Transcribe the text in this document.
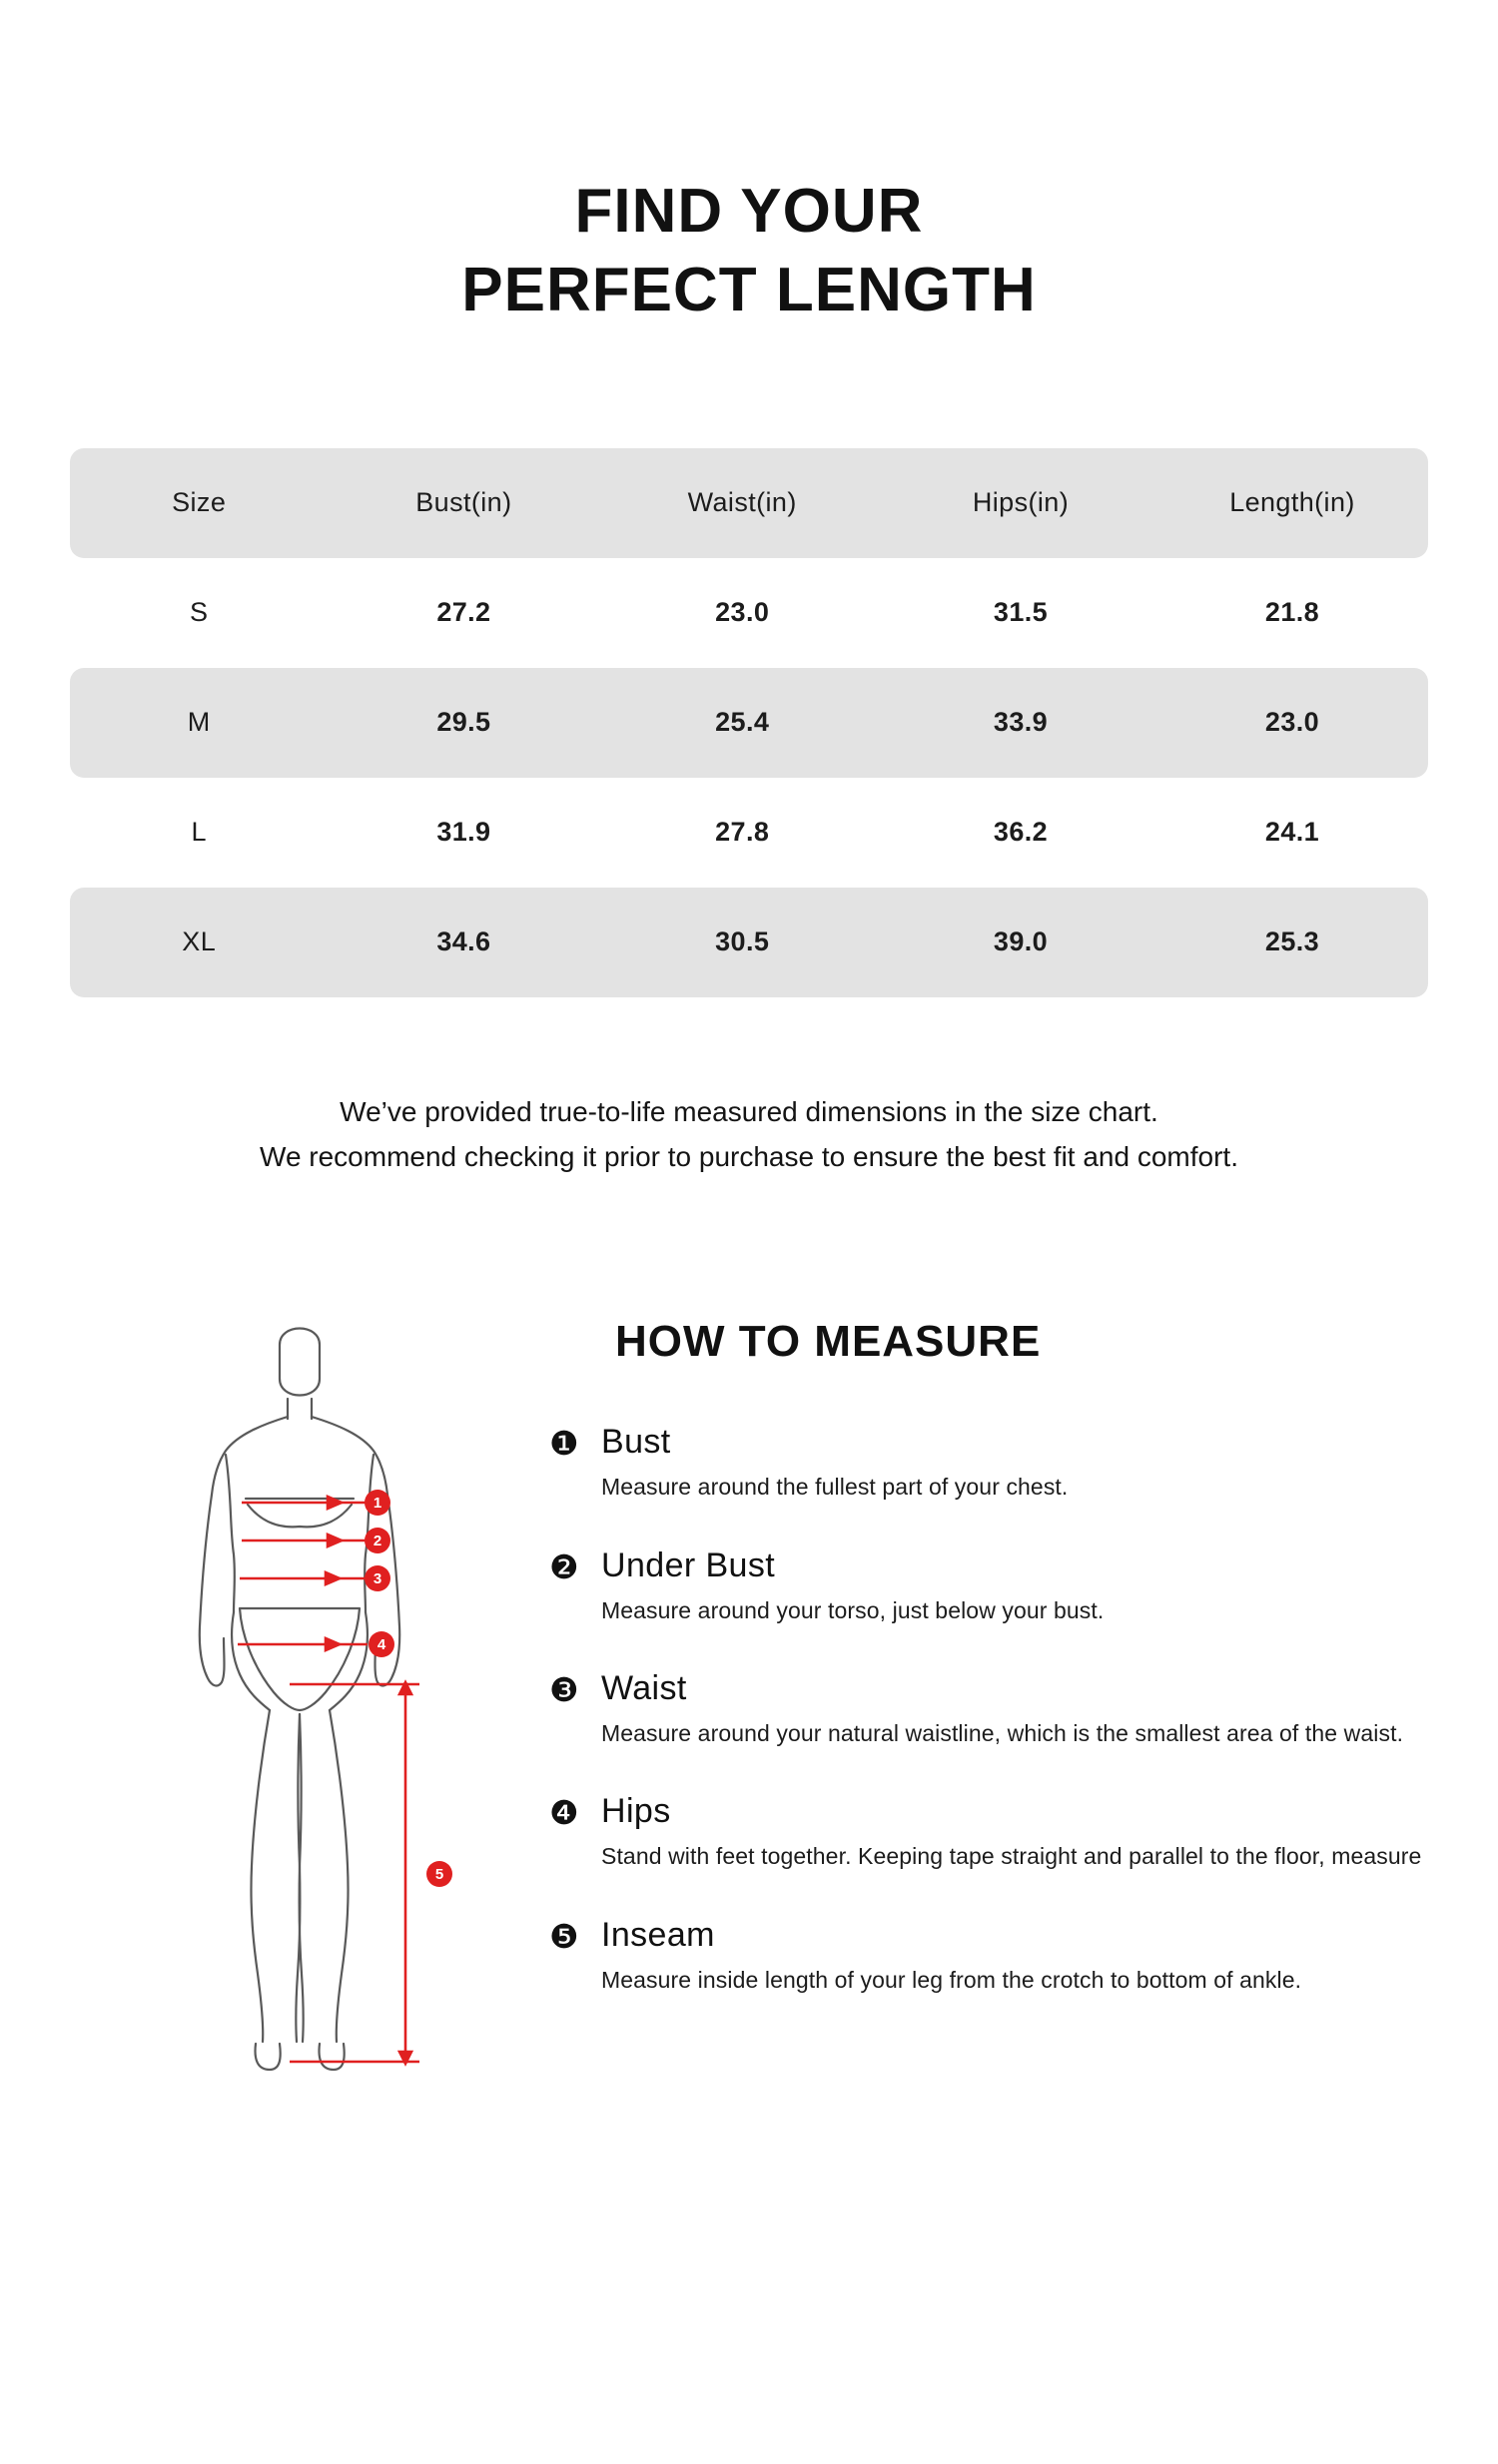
FIND YOUR
PERFECT LENGTH
Size	Bust(in)	Waist(in)	Hips(in)	Length(in)
S	27.2	23.0	31.5	21.8
M	29.5	25.4	33.9	23.0
L	31.9	27.8	36.2	24.1
XL	34.6	30.5	39.0	25.3
We’ve provided true-to-life measured dimensions in the size chart.
We recommend checking it prior to purchase to ensure the best fit and comfort.
1
2
3
4
5
HOW TO MEASURE
❶ Bust
Measure around the fullest part of your chest.
❷ Under Bust
Measure around your torso, just below your bust.
❸ Waist
Measure around your natural waistline, which is the smallest area of the waist.
❹ Hips
Stand with feet together. Keeping tape straight and parallel to the floor, measure
❺ Inseam
Measure inside length of your leg from the crotch to bottom of ankle.
